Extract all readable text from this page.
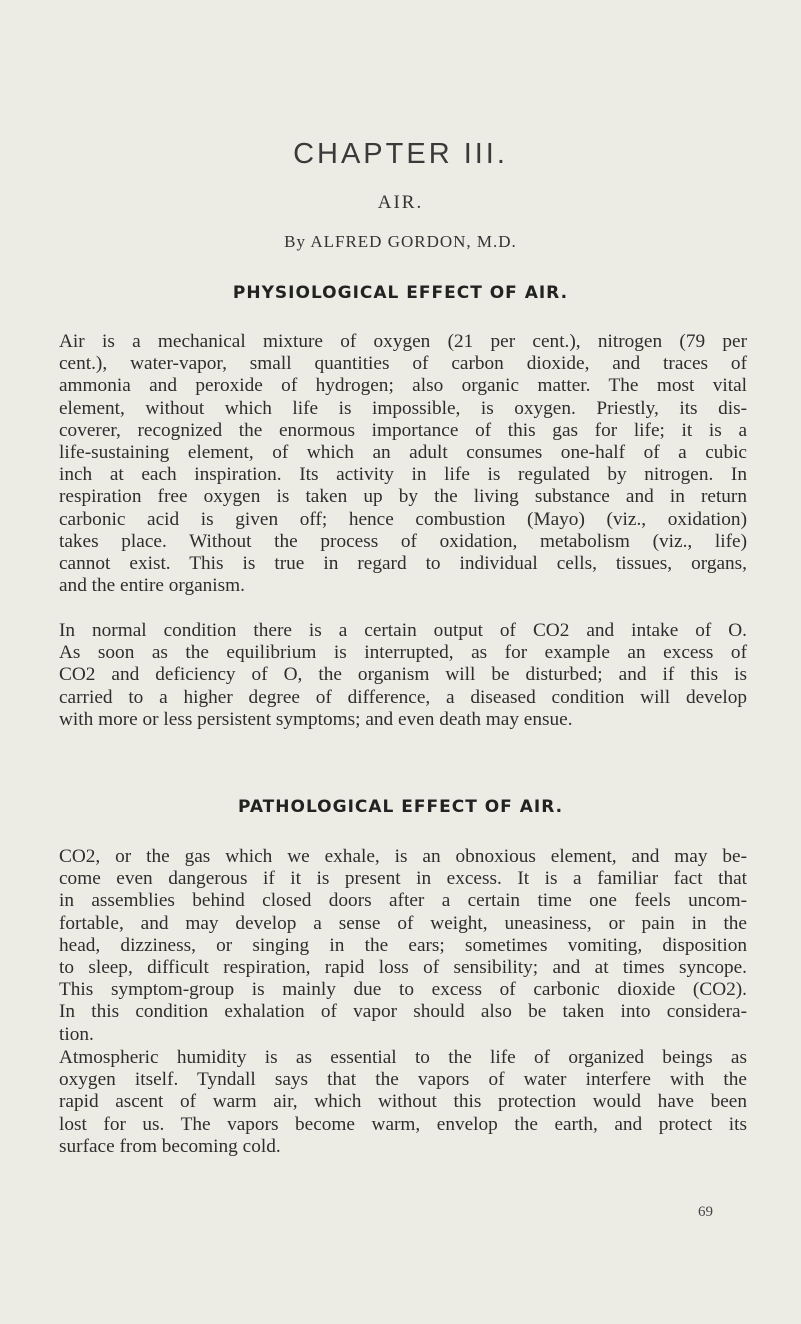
CHAPTER III.
AIR.
By ALFRED GORDON, M.D.
PHYSIOLOGICAL EFFECT OF AIR.
Air is a mechanical mixture of oxygen (21 per cent.), nitrogen (79 per
cent.), water-vapor, small quantities of carbon dioxide, and traces of
ammonia and peroxide of hydrogen; also organic matter. The most vital
element, without which life is impossible, is oxygen. Priestly, its dis-
coverer, recognized the enormous importance of this gas for life; it is a
life-sustaining element, of which an adult consumes one-half of a cubic
inch at each inspiration. Its activity in life is regulated by nitrogen. In
respiration free oxygen is taken up by the living substance and in return
carbonic acid is given off; hence combustion (Mayo) (viz., oxidation)
takes place. Without the process of oxidation, metabolism (viz., life)
cannot exist. This is true in regard to individual cells, tissues, organs,
and the entire organism.
In normal condition there is a certain output of CO2 and intake of O.
As soon as the equilibrium is interrupted, as for example an excess of
CO2 and deficiency of O, the organism will be disturbed; and if this is
carried to a higher degree of difference, a diseased condition will develop
with more or less persistent symptoms; and even death may ensue.
PATHOLOGICAL EFFECT OF AIR.
CO2, or the gas which we exhale, is an obnoxious element, and may be-
come even dangerous if it is present in excess. It is a familiar fact that
in assemblies behind closed doors after a certain time one feels uncom-
fortable, and may develop a sense of weight, uneasiness, or pain in the
head, dizziness, or singing in the ears; sometimes vomiting, disposition
to sleep, difficult respiration, rapid loss of sensibility; and at times syncope.
This symptom-group is mainly due to excess of carbonic dioxide (CO2).
In this condition exhalation of vapor should also be taken into considera-
tion.
Atmospheric humidity is as essential to the life of organized beings as
oxygen itself. Tyndall says that the vapors of water interfere with the
rapid ascent of warm air, which without this protection would have been
lost for us. The vapors become warm, envelop the earth, and protect its
surface from becoming cold.
69
